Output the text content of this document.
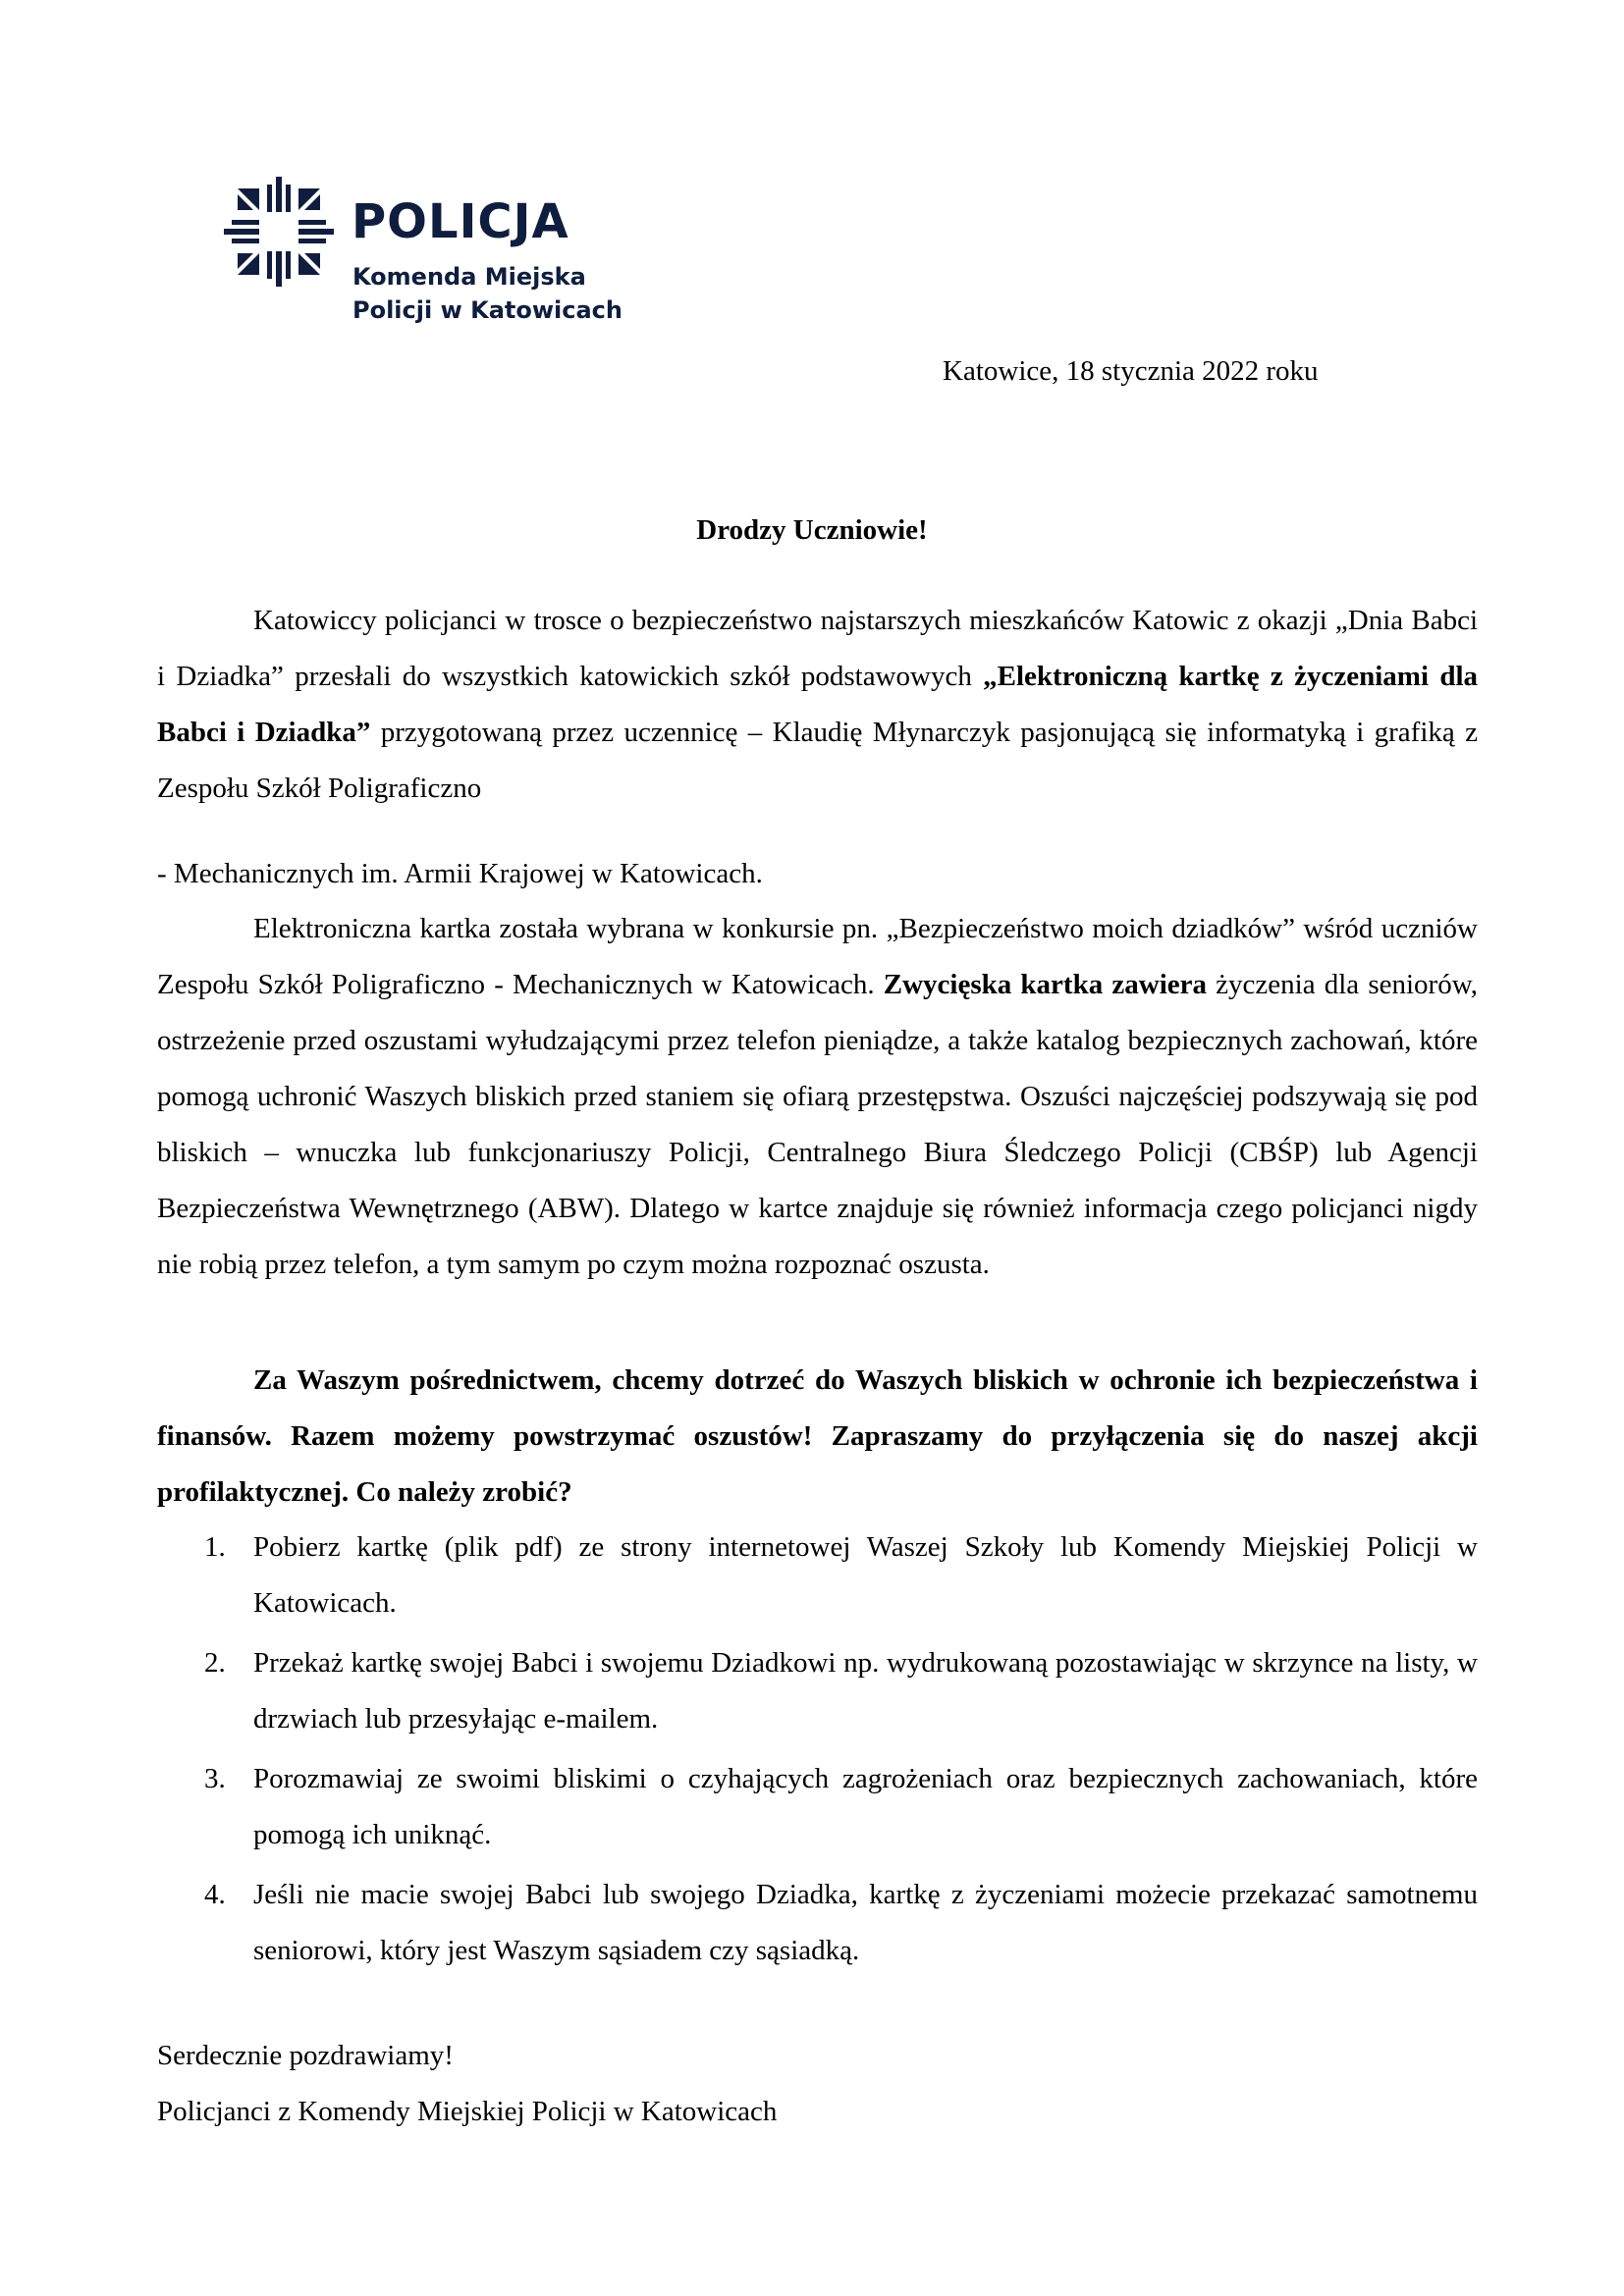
POLICJA
Komenda Miejska
Policji w Katowicach
Katowice, 18 stycznia 2022 roku
Drodzy Uczniowie!

Katowiccy policjanci w trosce o bezpieczeństwo najstarszych mieszkańców Katowic z okazji „Dnia Babci i Dziadka” przesłali do wszystkich katowickich szkół podstawowych „Elektroniczną kartkę z życzeniami dla Babci i Dziadka” przygotowaną przez uczennicę – Klaudię Młynarczyk pasjonującą się informatyką i grafiką z Zespołu Szkół Poligraficzno

- Mechanicznych im. Armii Krajowej w Katowicach.

Elektroniczna kartka została wybrana w konkursie pn. „Bezpieczeństwo moich dziadków” wśród uczniów Zespołu Szkół Poligraficzno - Mechanicznych w Katowicach. Zwycięska kartka zawiera życzenia dla seniorów, ostrzeżenie przed oszustami wyłudzającymi przez telefon pieniądze, a także katalog bezpiecznych zachowań, które pomogą uchronić Waszych bliskich przed staniem się ofiarą przestępstwa. Oszuści najczęściej podszywają się pod bliskich – wnuczka lub funkcjonariuszy Policji, Centralnego Biura Śledczego Policji (CBŚP) lub Agencji Bezpieczeństwa Wewnętrznego (ABW). Dlatego w kartce znajduje się również informacja czego policjanci nigdy nie robią przez telefon, a tym samym po czym można rozpoznać oszusta.

Za Waszym pośrednictwem, chcemy dotrzeć do Waszych bliskich w ochronie ich bezpieczeństwa i finansów. Razem możemy powstrzymać oszustów! Zapraszamy do przyłączenia się do naszej akcji profilaktycznej. Co należy zrobić?

1. Pobierz kartkę (plik pdf) ze strony internetowej Waszej Szkoły lub Komendy Miejskiej Policji w Katowicach.
2. Przekaż kartkę swojej Babci i swojemu Dziadkowi np. wydrukowaną pozostawiając w skrzynce na listy, w drzwiach lub przesyłając e-mailem.
3. Porozmawiaj ze swoimi bliskimi o czyhających zagrożeniach oraz bezpiecznych zachowaniach, które pomogą ich uniknąć.
4. Jeśli nie macie swojej Babci lub swojego Dziadka, kartkę z życzeniami możecie przekazać samotnemu seniorowi, który jest Waszym sąsiadem czy sąsiadką.
Serdecznie pozdrawiamy!
Policjanci z Komendy Miejskiej Policji w Katowicach
